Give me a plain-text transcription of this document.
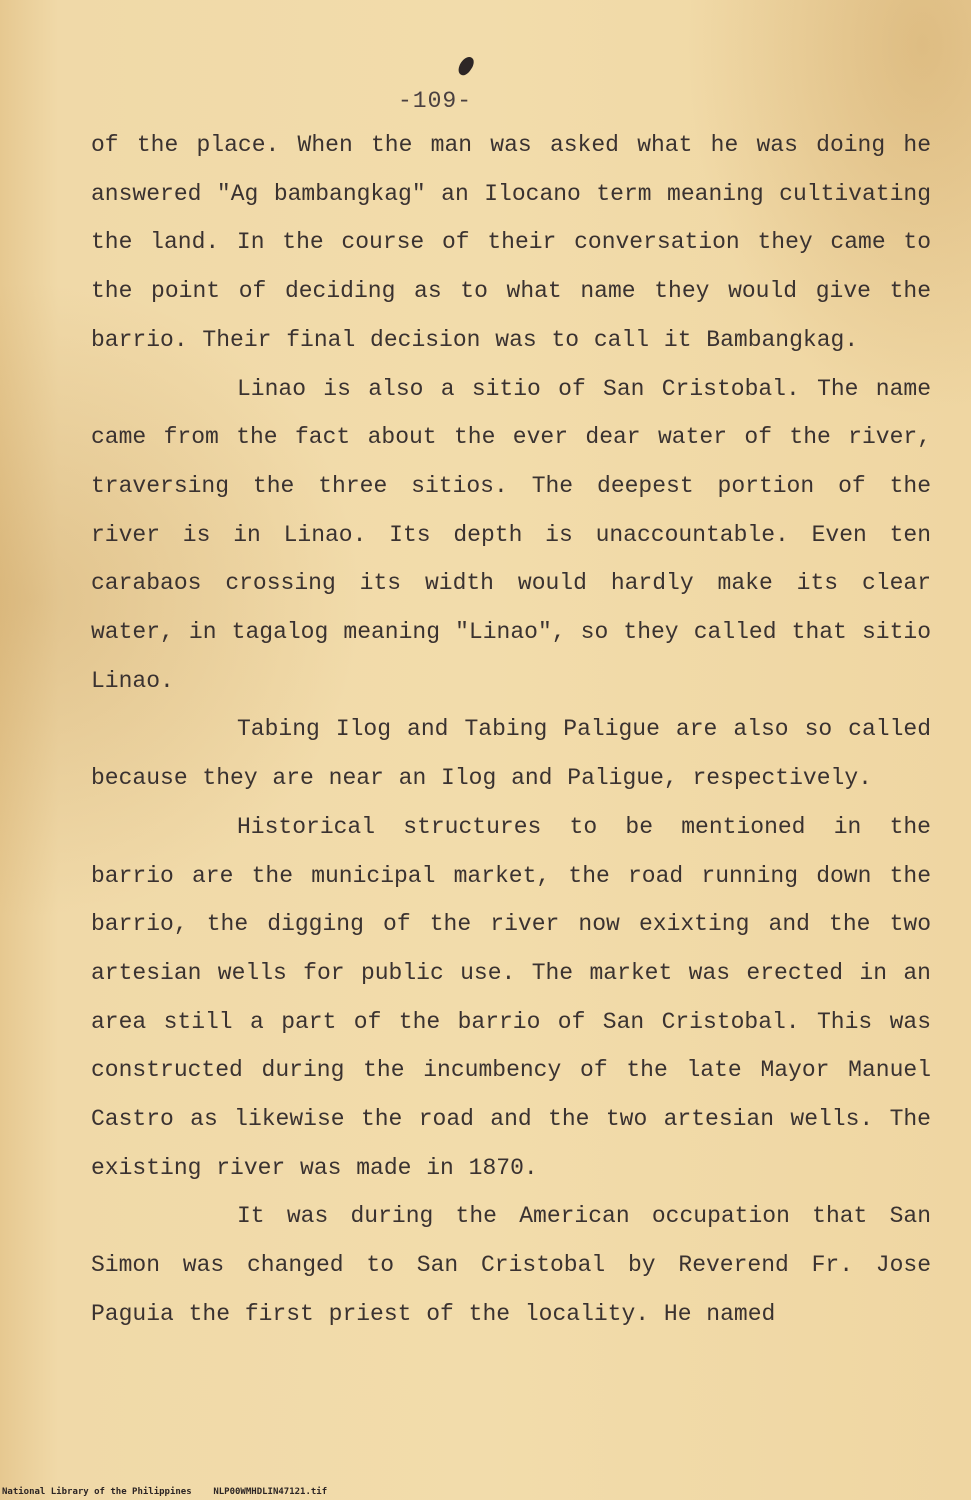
-109-

of the place. When the man was asked what he was doing he answered "Ag bambangkag" an Ilocano term meaning cultivating the land. In the course of their conversation they came to the point of deciding as to what name they would give the barrio. Their final decision was to call it Bambangkag.

Linao is also a sitio of San Cristobal. The name came from the fact about the ever dear water of the river, traversing the three sitios. The deepest portion of the river is in Linao. Its depth is unaccountable. Even ten carabaos crossing its width would hardly make its clear water, in tagalog meaning "Linao", so they called that sitio Linao.

Tabing Ilog and Tabing Paligue are also so called because they are near an Ilog and Paligue, respectively.

Historical structures to be mentioned in the barrio are the municipal market, the road running down the barrio, the digging of the river now exixting and the two artesian wells for public use. The market was erected in an area still a part of the barrio of San Cristobal. This was constructed during the incumbency of the late Mayor Manuel Castro as likewise the road and the two artesian wells. The existing river was made in 1870.

It was during the American occupation that San Simon was changed to San Cristobal by Reverend Fr. Jose Paguia the first priest of the locality. He named

National Library of the Philippines NLP00WMHDLIN47121.tif
